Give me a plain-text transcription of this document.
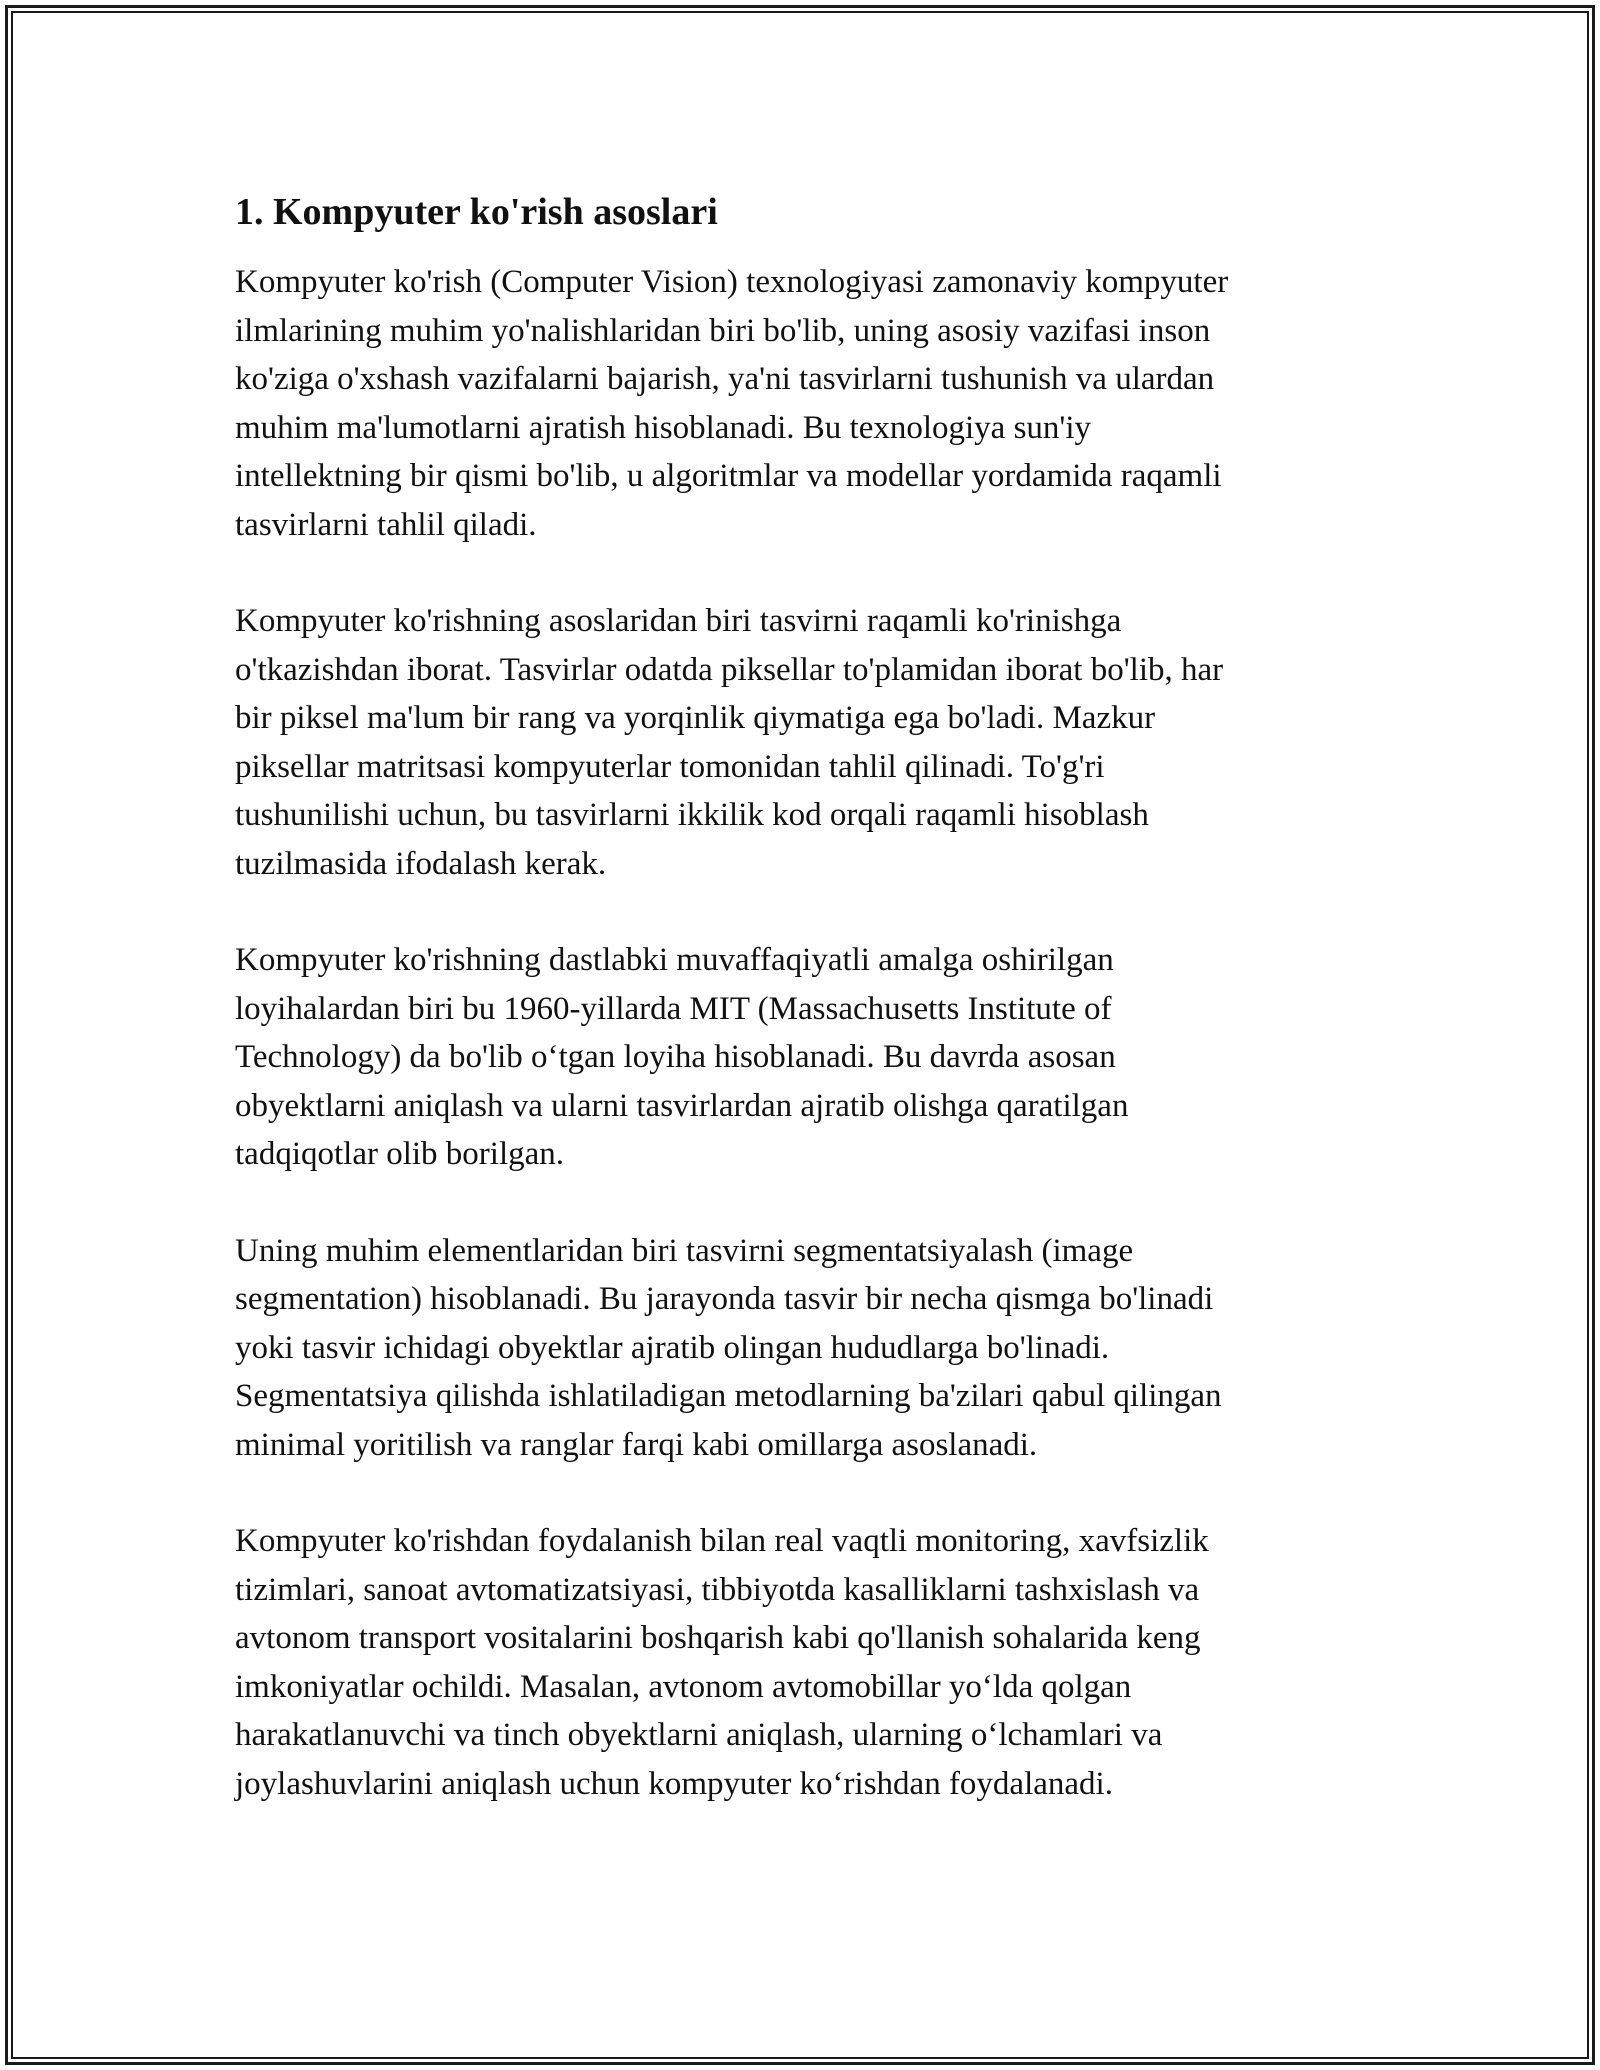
1. Kompyuter ko'rish asoslari

Kompyuter ko'rish (Computer Vision) texnologiyasi zamonaviy kompyuter
ilmlarining muhim yo'nalishlaridan biri bo'lib, uning asosiy vazifasi inson
ko'ziga o'xshash vazifalarni bajarish, ya'ni tasvirlarni tushunish va ulardan
muhim ma'lumotlarni ajratish hisoblanadi. Bu texnologiya sun'iy
intellektning bir qismi bo'lib, u algoritmlar va modellar yordamida raqamli
tasvirlarni tahlil qiladi.

Kompyuter ko'rishning asoslaridan biri tasvirni raqamli ko'rinishga
o'tkazishdan iborat. Tasvirlar odatda piksellar to'plamidan iborat bo'lib, har
bir piksel ma'lum bir rang va yorqinlik qiymatiga ega bo'ladi. Mazkur
piksellar matritsasi kompyuterlar tomonidan tahlil qilinadi. To'g'ri
tushunilishi uchun, bu tasvirlarni ikkilik kod orqali raqamli hisoblash
tuzilmasida ifodalash kerak.

Kompyuter ko'rishning dastlabki muvaffaqiyatli amalga oshirilgan
loyihalardan biri bu 1960-yillarda MIT (Massachusetts Institute of
Technology) da bo'lib o‘tgan loyiha hisoblanadi. Bu davrda asosan
obyektlarni aniqlash va ularni tasvirlardan ajratib olishga qaratilgan
tadqiqotlar olib borilgan.

Uning muhim elementlaridan biri tasvirni segmentatsiyalash (image
segmentation) hisoblanadi. Bu jarayonda tasvir bir necha qismga bo'linadi
yoki tasvir ichidagi obyektlar ajratib olingan hududlarga bo'linadi.
Segmentatsiya qilishda ishlatiladigan metodlarning ba'zilari qabul qilingan
minimal yoritilish va ranglar farqi kabi omillarga asoslanadi.

Kompyuter ko'rishdan foydalanish bilan real vaqtli monitoring, xavfsizlik
tizimlari, sanoat avtomatizatsiyasi, tibbiyotda kasalliklarni tashxislash va
avtonom transport vositalarini boshqarish kabi qo'llanish sohalarida keng
imkoniyatlar ochildi. Masalan, avtonom avtomobillar yo‘lda qolgan
harakatlanuvchi va tinch obyektlarni aniqlash, ularning o‘lchamlari va
joylashuvlarini aniqlash uchun kompyuter ko‘rishdan foydalanadi.
